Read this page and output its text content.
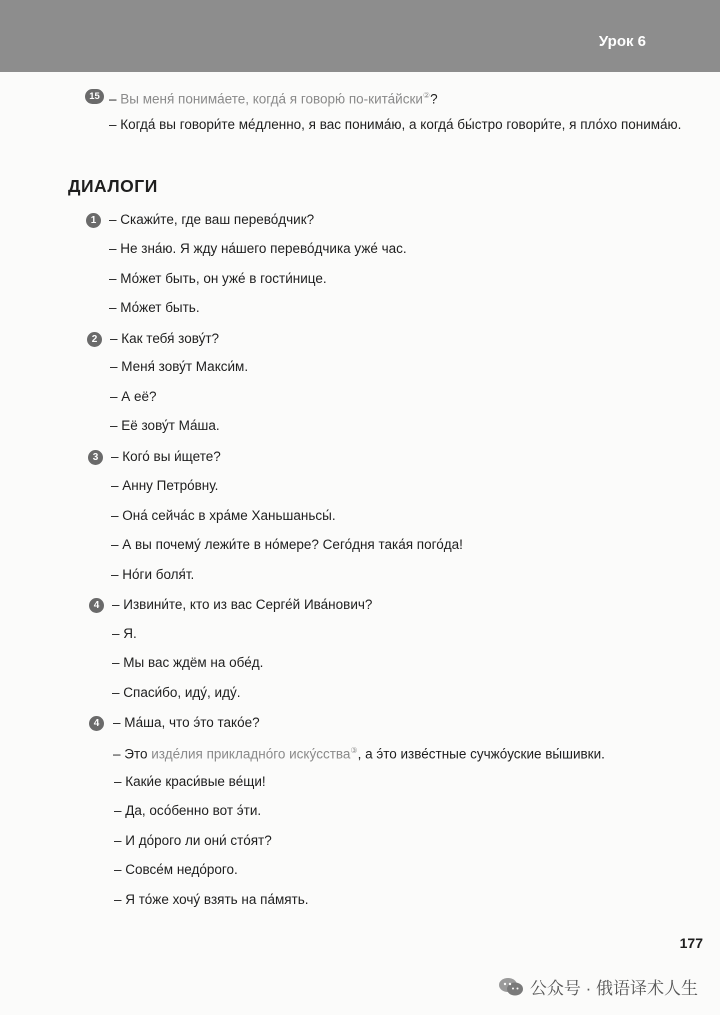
Урок 6
15 – Вы меня́ понима́ете, когда́ я говорю́ по-кита́йски②?
– Когда́ вы говори́те ме́дленно, я вас понима́ю, а когда́ бы́стро говори́те, я пло́хо понима́ю.
ДИАЛОГИ
1 – Скажи́те, где ваш перево́дчик?
– Не зна́ю. Я жду на́шего перево́дчика уже́ час.
– Мо́жет быть, он уже́ в гости́нице.
– Мо́жет быть.
2 – Как тебя́ зову́т?
– Меня́ зову́т Макси́м.
– А её?
– Её зову́т Ма́ша.
3 – Кого́ вы и́щете?
– Анну Петро́вну.
– Она́ сейча́с в хра́ме Ханьшаньсы́.
– А вы почему́ лежи́те в но́мере? Сего́дня така́я пого́да!
– Но́ги боля́т.
4 – Извини́те, кто из вас Серге́й Ива́нович?
– Я.
– Мы вас ждём на обе́д.
– Спаси́бо, иду́, иду́.
4	– Ма́ша, что э́то тако́е?
– Это изде́лия прикладно́го иску́сства③, а э́то изве́стные сучжо́уские вы́шивки.
– Каки́е краси́вые ве́щи!
– Да, осо́бенно вот э́ти.
– И до́рого ли они́ сто́ят?
– Совсе́м недо́рого.
– Я то́же хочу́ взять на па́мять.
177
公众号 · 俄语译术人生
